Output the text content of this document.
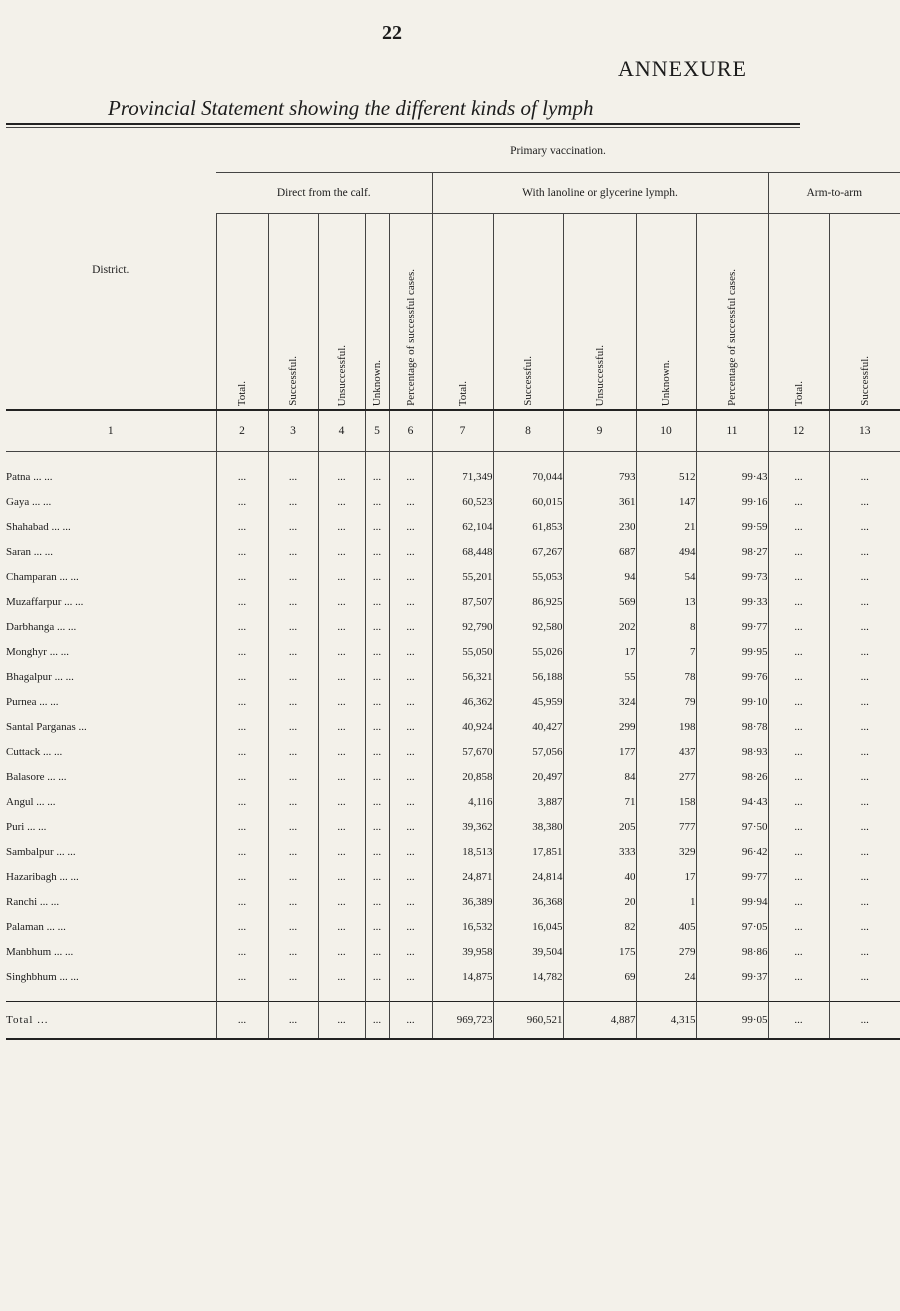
22
ANNEXURE
Provincial Statement showing the different kinds of lymph
District.	Primary vaccination.											
	Direct from the calf.					With lanoline or glycerine lymph.					Arm-to-arm	
	Total.	Successful.	Unsuccessful.	Unknown.	Percentage of successful cases.	Total.	Successful.	Unsuccessful.	Unknown.	Percentage of successful cases.	Total.	Successful.
1	2	3	4	5	6	7	8	9	10	11	12	13

Patna ... ...	...	...	...	...	...	71,349	70,044	793	512	99·43	...	...
Gaya ... ...	...	...	...	...	...	60,523	60,015	361	147	99·16	...	...
Shahabad ... ...	...	...	...	...	...	62,104	61,853	230	21	99·59	...	...
Saran ... ...	...	...	...	...	...	68,448	67,267	687	494	98·27	...	...
Champaran ... ...	...	...	...	...	...	55,201	55,053	94	54	99·73	...	...
Muzaffarpur ... ...	...	...	...	...	...	87,507	86,925	569	13	99·33	...	...
Darbhanga ... ...	...	...	...	...	...	92,790	92,580	202	8	99·77	...	...
Monghyr ... ...	...	...	...	...	...	55,050	55,026	17	7	99·95	...	...
Bhagalpur ... ...	...	...	...	...	...	56,321	56,188	55	78	99·76	...	...
Purnea ... ...	...	...	...	...	...	46,362	45,959	324	79	99·10	...	...
Santal Parganas ...	...	...	...	...	...	40,924	40,427	299	198	98·78	...	...
Cuttack ... ...	...	...	...	...	...	57,670	57,056	177	437	98·93	...	...
Balasore ... ...	...	...	...	...	...	20,858	20,497	84	277	98·26	...	...
Angul ... ...	...	...	...	...	...	4,116	3,887	71	158	94·43	...	...
Puri ... ...	...	...	...	...	...	39,362	38,380	205	777	97·50	...	...
Sambalpur ... ...	...	...	...	...	...	18,513	17,851	333	329	96·42	...	...
Hazaribagh ... ...	...	...	...	...	...	24,871	24,814	40	17	99·77	...	...
Ranchi ... ...	...	...	...	...	...	36,389	36,368	20	1	99·94	...	...
Palaman ... ...	...	...	...	...	...	16,532	16,045	82	405	97·05	...	...
Manbhum ... ...	...	...	...	...	...	39,958	39,504	175	279	98·86	...	...
Singhbhum ... ...	...	...	...	...	...	14,875	14,782	69	24	99·37	...	...

Total ...	...	...	...	...	...	969,723	960,521	4,887	4,315	99·05	...	...
